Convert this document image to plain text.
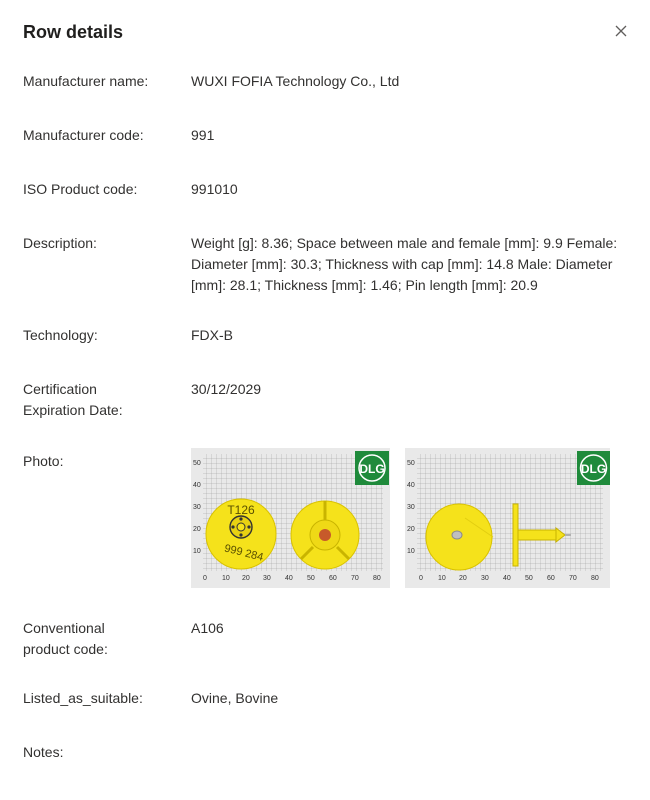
Row details
Manufacturer name:	WUXI FOFIA Technology Co., Ltd
Manufacturer code:	991
ISO Product code:	991010
Description:	Weight [g]: 8.36; Space between male and female [mm]: 9.9 Female: Diameter [mm]: 30.3; Thickness with cap [mm]: 14.8 Male: Diameter [mm]: 28.1; Thickness [mm]: 1.46; Pin length [mm]: 20.9
Technology:	FDX-B
Certification Expiration Date:
30/12/2029
Photo:	50
40
30
20
10
0 10 20 30 40 50 60 70 80
DLG
T126
999 284
50
40
30
20
10
0 10 20 30 40 50 60 70 80
DLG
Conventional product code:
A106
Listed_as_suitable:	Ovine, Bovine
Notes:
